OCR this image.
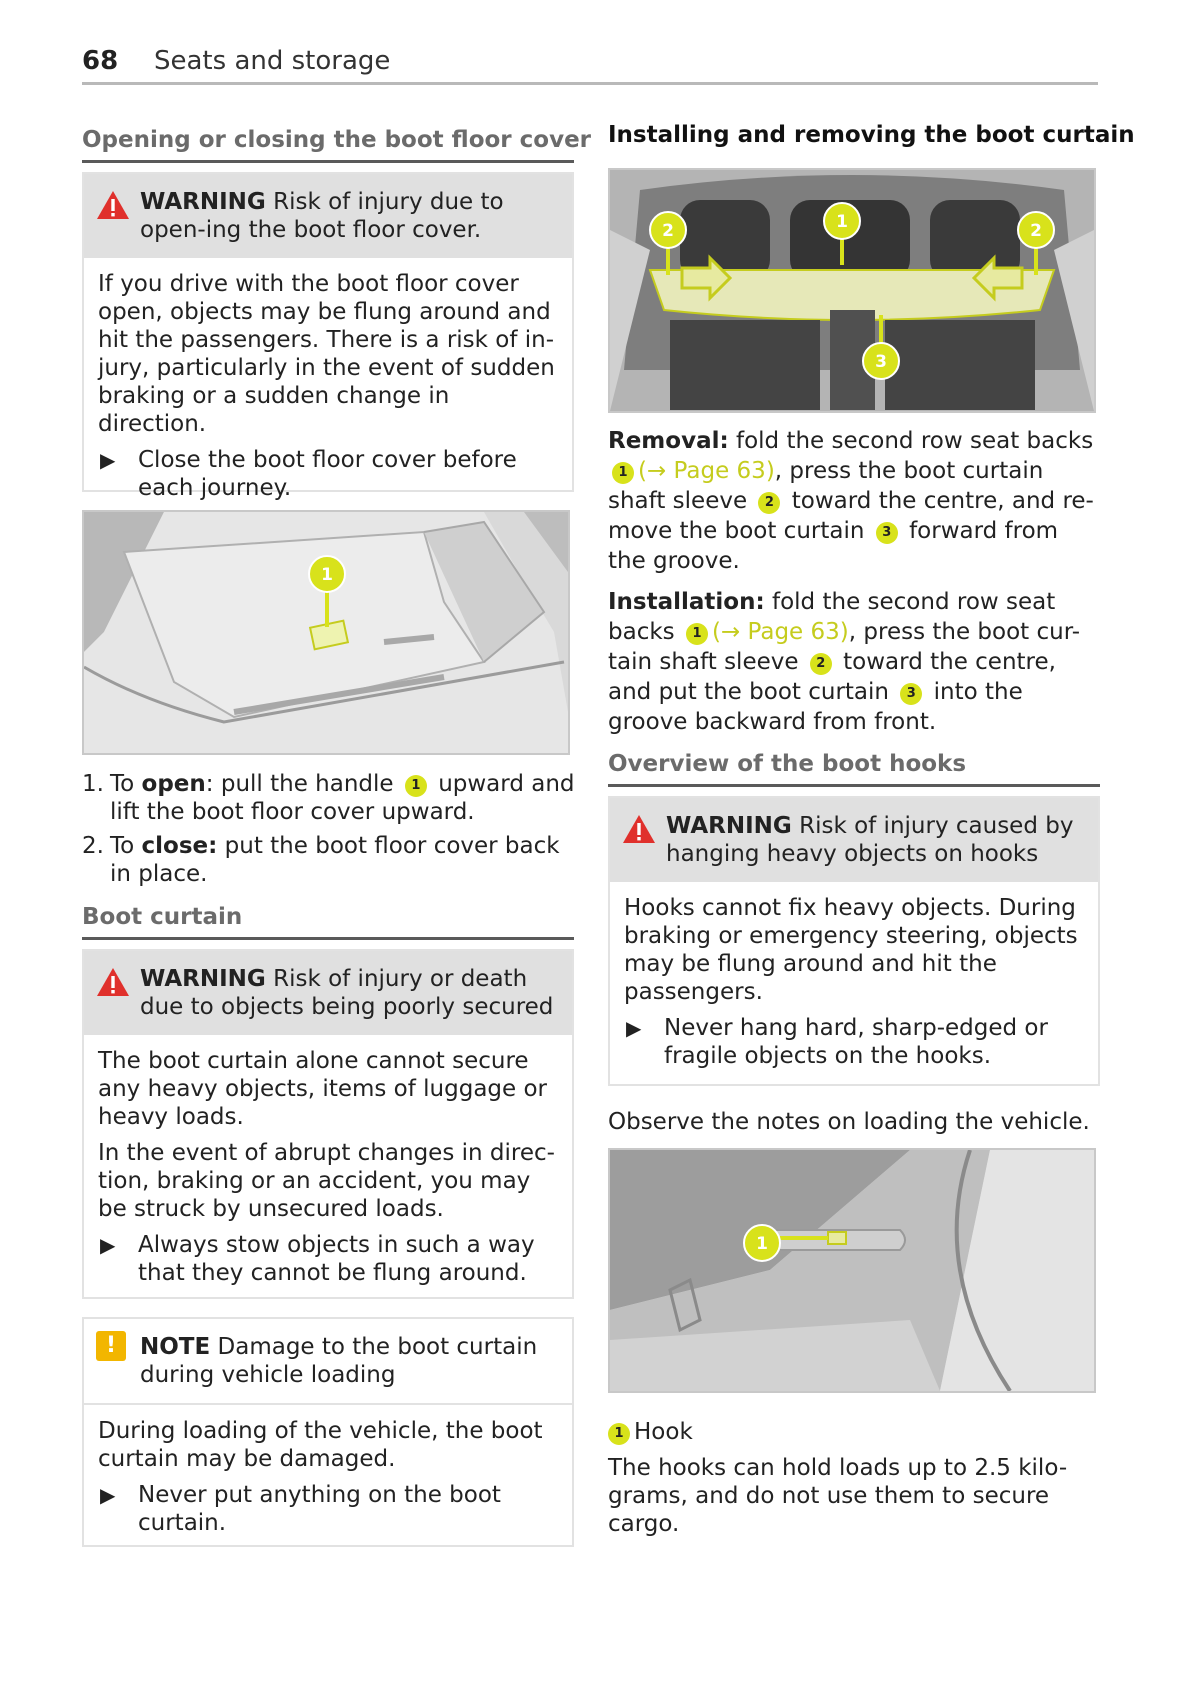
68 Seats and storage
Opening or closing the boot floor cover
WARNING Risk of injury due to open-ing the boot floor cover.

If you drive with the boot floor cover open, objects may be flung around and hit the passengers. There is a risk of in-jury, particularly in the event of sudden braking or a sudden change in direction.

▶ Close the boot floor cover before each journey.
1
1. To open: pull the handle 1 upward and lift the boot floor cover upward.
2. To close: put the boot floor cover back in place.
Boot curtain
WARNING Risk of injury or death due to objects being poorly secured

The boot curtain alone cannot secure any heavy objects, items of luggage or heavy loads.

In the event of abrupt changes in direc-tion, braking or an accident, you may be struck by unsecured loads.

▶ Always stow objects in such a way that they cannot be flung around.
!	NOTE Damage to the boot curtain during vehicle loading

During loading of the vehicle, the boot curtain may be damaged.

▶ Never put anything on the boot curtain.
Installing and removing the boot curtain
2	1	2
3
Removal: fold the second row seat backs 1 (→ Page 63), press the boot curtain shaft sleeve 2 toward the centre, and re-move the boot curtain 3 forward from the groove.
Installation: fold the second row seat backs 1 (→ Page 63), press the boot cur-tain shaft sleeve 2 toward the centre, and put the boot curtain 3 into the groove backward from front.
Overview of the boot hooks
WARNING Risk of injury caused by hanging heavy objects on hooks

Hooks cannot fix heavy objects. During braking or emergency steering, objects may be flung around and hit the passengers.

▶ Never hang hard, sharp-edged or fragile objects on the hooks.
Observe the notes on loading the vehicle.
1
1 Hook
The hooks can hold loads up to 2.5 kilo-grams, and do not use them to secure cargo.
